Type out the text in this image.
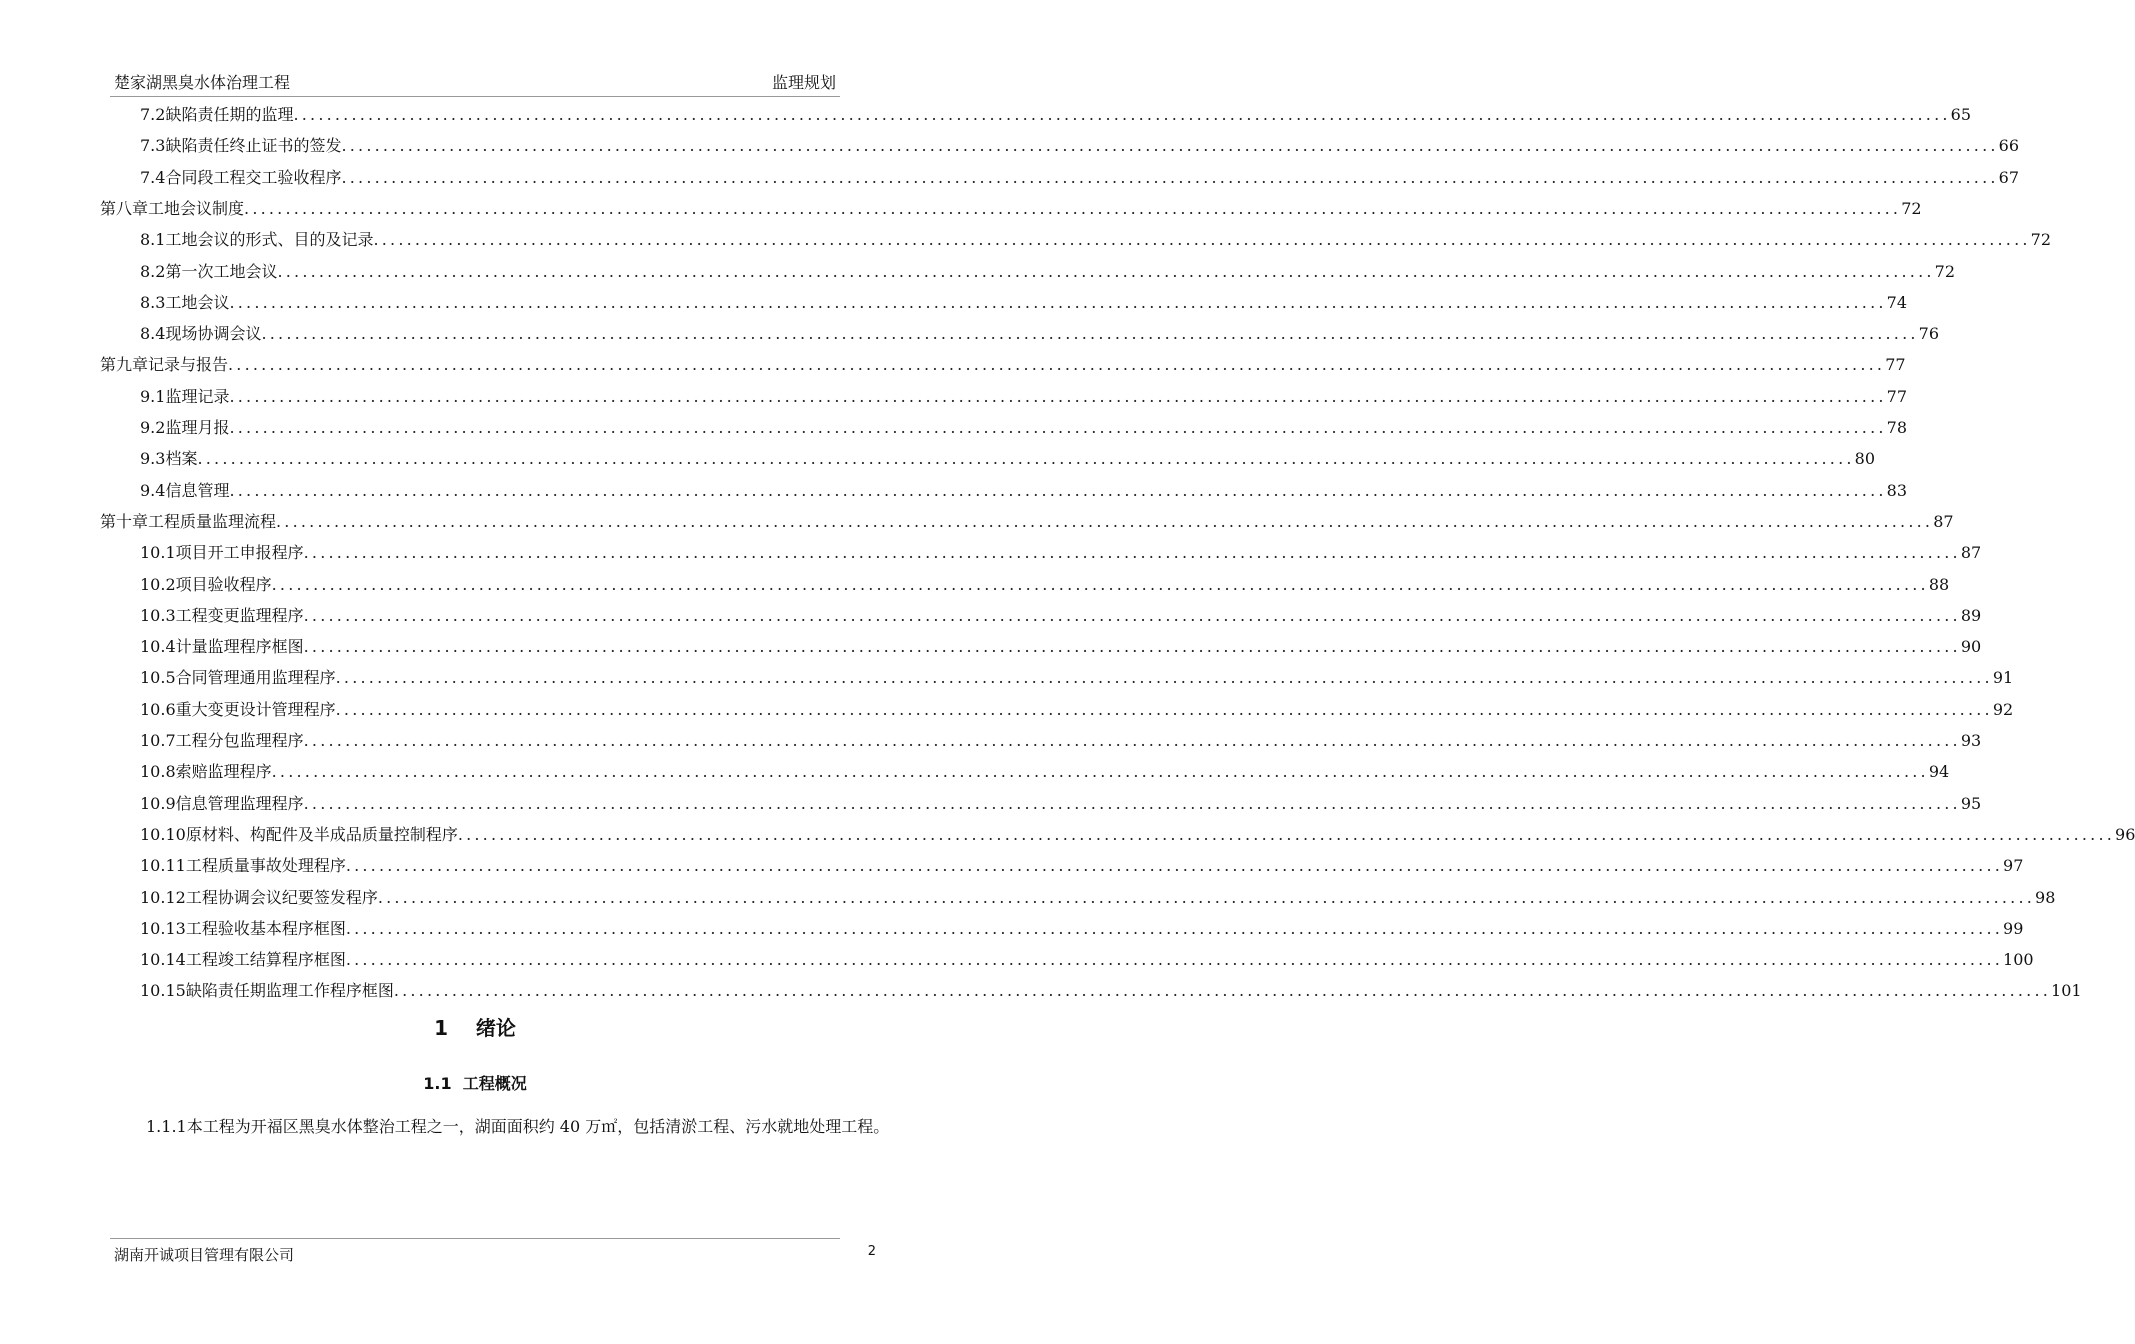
楚家湖黑臭水体治理工程	监理规划
7.2 缺陷责任期的监理 ........................................................................................................................................................................................................ 65
7.3 缺陷责任终止证书的签发 ........................................................................................................................................................................................................ 66
7.4 合同段工程交工验收程序 ........................................................................................................................................................................................................ 67
第八章 工地会议制度 ........................................................................................................................................................................................................ 72
8.1 工地会议的形式、目的及记录 ........................................................................................................................................................................................................ 72
8.2 第一次工地会议 ........................................................................................................................................................................................................ 72
8.3 工地会议 ........................................................................................................................................................................................................ 74
8.4 现场协调会议 ........................................................................................................................................................................................................ 76
第九章记录与报告 ........................................................................................................................................................................................................ 77
9.1 监理记录 ........................................................................................................................................................................................................ 77
9.2 监理月报 ........................................................................................................................................................................................................ 78
9.3 档案 ........................................................................................................................................................................................................ 80
9.4 信息管理 ........................................................................................................................................................................................................ 83
第十章工程质量监理流程 ........................................................................................................................................................................................................ 87
10.1 项目开工申报程序 ........................................................................................................................................................................................................ 87
10.2 项目验收程序 ........................................................................................................................................................................................................ 88
10.3 工程变更监理程序 ........................................................................................................................................................................................................ 89
10.4 计量监理程序框图 ........................................................................................................................................................................................................ 90
10.5 合同管理通用监理程序 ........................................................................................................................................................................................................ 91
10.6 重大变更设计管理程序 ........................................................................................................................................................................................................ 92
10.7 工程分包监理程序 ........................................................................................................................................................................................................ 93
10.8 索赔监理程序 ........................................................................................................................................................................................................ 94
10.9 信息管理监理程序 ........................................................................................................................................................................................................ 95
10.10 原材料、构配件及半成品质量控制程序 ........................................................................................................................................................................................................ 96
10.11 工程质量事故处理程序 ........................................................................................................................................................................................................ 97
10.12 工程协调会议纪要签发程序 ........................................................................................................................................................................................................ 98
10.13 工程验收基本程序框图 ........................................................................................................................................................................................................ 99
10.14 工程竣工结算程序框图 ........................................................................................................................................................................................................ 100
10.15 缺陷责任期监理工作程序框图 ........................................................................................................................................................................................................ 101
1 绪论
1.1 工程概况
1.1.1本工程为开福区黑臭水体整治工程之一，湖面面积约 40 万㎡，包括清淤工程、污水就地处理工程。
湖南开诚项目管理有限公司	2
